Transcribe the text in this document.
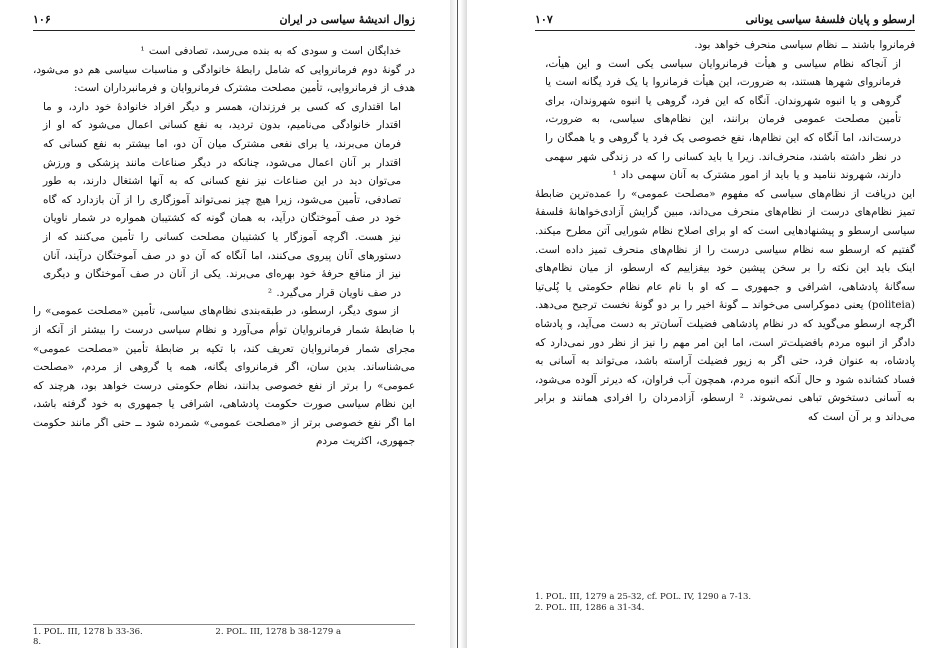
زوال اندیشهٔ سیاسی در ایران
۱۰۶

خدایگان است و سودی که به بنده می‌رسد، تصادفی است ¹

در گونهٔ دوم فرمانروایی که شامل رابطهٔ خانوادگی و مناسبات سیاسی هم دو می‌شود، هدف از فرمانروایی، تأمین مصلحت مشترک فرمانروایان و فرمانبرداران است:

اما اقتداری که کسی بر فرزندان، همسر و دیگر افراد خانوادهٔ خود دارد، و ما اقتدار خانوادگی می‌نامیم، بدون تردید، به نفع کسانی اعمال می‌شود که او از فرمان می‌برند، یا برای نفعی مشترک میان آن دو، اما بیشتر به نفع کسانی که اقتدار بر آنان اعمال می‌شود، چنانکه در دیگر صناعات مانند پزشکی و ورزش می‌توان دید در این صناعات نیز نفع کسانی که به آنها اشتغال دارند، به طور تصادفی، تأمین می‌شود، زیرا هیچ چیز نمی‌تواند آموزگاری را از آن بازدارد که گاه خود در صف آموختگان درآید، به همان گونه که کشتیبان همواره در شمار ناویان نیز هست. اگرچه آموزگار یا کشتیبان مصلحت کسانی را تأمین می‌کنند که از دستورهای آنان پیروی می‌کنند، اما آنگاه که آن دو در صف آموختگان درآیند، آنان نیز از منافع حرفهٔ خود بهره‌ای می‌برند. یکی از آنان در صف آموختگان و دیگری در صف ناویان قرار می‌گیرد. ²

از سوی دیگر، ارسطو، در طبقه‌بندی نظام‌های سیاسی، تأمین «مصلحت عمومی» را با ضابطهٔ شمار فرمانروایان توأم می‌آورد و نظام سیاسی درست را بیشتر از آنکه از مجرای شمار فرمانروایان تعریف کند، با تکیه بر ضابطهٔ تأمین «مصلحت عمومی» می‌شناساند. بدین سان، اگر فرمانروای یگانه، همه یا گروهی از مردم، «مصلحت عمومی» را برتر از نفع خصوصی بدانند، نظام حکومتی درست خواهد بود، هرچند که این نظام سیاسی صورت حکومت پادشاهی، اشرافی یا جمهوری به خود گرفته باشد، اما اگر نفع خصوصی برتر از «مصلحت عمومی» شمرده شود ــ حتی اگر مانند حکومت جمهوری، اکثریت مردم

1. POL. III, 1278 b 33-36.	2. POL. III, 1278 b 38-1279 a 8.
ارسطو و پایان فلسفهٔ سیاسی یونانی
۱۰۷

فرمانروا باشند ــ نظام سیاسی منحرف خواهد بود.

از آنجاکه نظام سیاسی و هیأت فرمانروایان سیاسی یکی است و این هیأت، فرمانروای شهرها هستند، به ضرورت، این هیأت فرمانروا یا یک فرد یگانه است یا گروهی و یا انبوه شهروندان. آنگاه که این فرد، گروهی یا انبوه شهروندان، برای تأمین مصلحت عمومی فرمان برانند، این نظام‌های سیاسی، به ضرورت، درست‌اند، اما آنگاه که این نظام‌ها، نفع خصوصی یک فرد یا گروهی و یا همگان را در نظر داشته باشند، منحرف‌اند. زیرا یا باید کسانی را که در زندگی شهر سهمی دارند، شهروند ننامید و یا باید از امور مشترک به آنان سهمی داد ¹

این دریافت از نظام‌های سیاسی که مفهوم «مصلحت عمومی» را عمده‌ترین ضابطهٔ تمیز نظام‌های درست از نظام‌های منحرف می‌داند، مبین گرایش آزادی‌خواهانهٔ فلسفهٔ سیاسی ارسطو و پیشنهادهایی است که او برای اصلاح نظام شورایی آتن مطرح میکند. گفتیم که ارسطو سه نظام سیاسی درست را از نظام‌های منحرف تمیز داده است. اینک باید این نکته را بر سخن پیشین خود بیفزاییم که ارسطو، از میان نظام‌های سه‌گانهٔ پادشاهی، اشرافی و جمهوری ــ که او با نام عام نظام حکومتی یا پُلی‌تیا (politeia) یعنی دموکراسی می‌خواند ــ گونهٔ اخیر را بر دو گونهٔ نخست ترجیح می‌دهد. اگرچه ارسطو می‌گوید که در نظام پادشاهی فضیلت آسان‌تر به دست می‌آید، و پادشاه دادگر از انبوه مردم بافضیلت‌تر است، اما این امر مهم را نیز از نظر دور نمی‌دارد که پادشاه، به عنوان فرد، حتی اگر به زیور فضیلت آراسته باشد، می‌تواند به آسانی به فساد کشانده شود و حال آنکه انبوه مردم، همچون آب فراوان، که دیرتر آلوده می‌شود، به آسانی دستخوش تباهی نمی‌شوند. ² ارسطو، آزادمردان را افرادی همانند و برابر می‌داند و بر آن است که

1. POL. III, 1279 a 25-32, cf. POL. IV, 1290 a 7-13.
2. POL. III, 1286 a 31-34.
